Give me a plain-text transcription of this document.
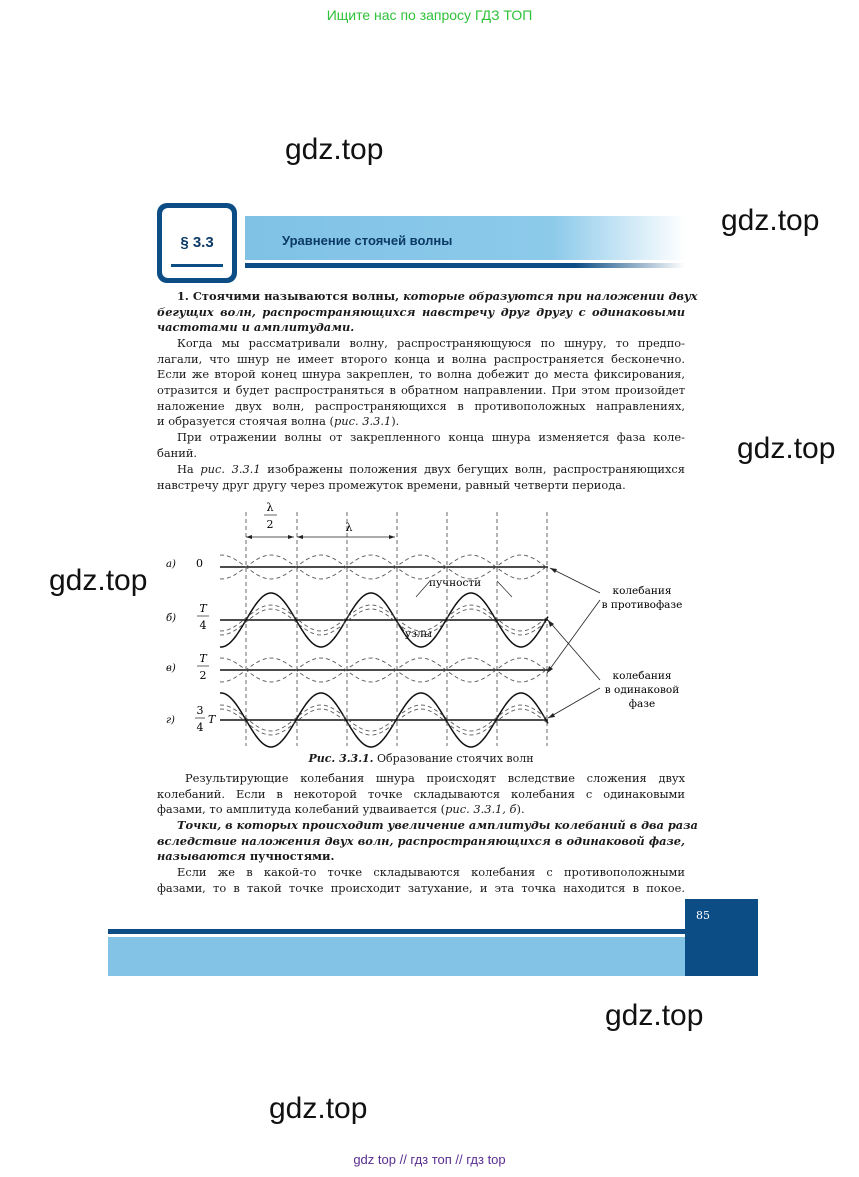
Ищите нас по запросу ГДЗ ТОП
gdz.top
gdz.top
gdz.top
gdz.top
gdz.top
gdz.top
§ 3.3	Уравнение стоячей волны
1. Стоячими называются волны, которые образуются при наложении двух
бегущих волн, распространяющихся навстречу друг другу с одинаковыми
частотами и амплитудами.
Когда мы рассматривали волну, распространяющуюся по шнуру, то предпо-
лагали, что шнур не имеет второго конца и волна распространяется бесконечно.
Если же второй конец шнура закреплен, то волна добежит до места фиксирования,
отразится и будет распространяться в обратном направлении. При этом произойдет
наложение двух волн, распространяющихся в противоположных направлениях,
и образуется стоячая волна (рис. 3.3.1).
При отражении волны от закрепленного конца шнура изменяется фаза коле-
баний.
На рис. 3.3.1 изображены положения двух бегущих волн, распространяющихся
навстречу друг другу через промежуток времени, равный четверти периода.
λ
2	λ
а) 0
б)
T
4
в)
T
2
г)
3
4
T
пучности
узлы
колебания
в противофазе
колебания
в одинаковой
фазе
Рис. 3.3.1. Образование стоячих волн
Результирующие колебания шнура происходят вследствие сложения двух
колебаний. Если в некоторой точке складываются колебания с одинаковыми
фазами, то амплитуда колебаний удваивается (рис. 3.3.1, б).
Точки, в которых происходит увеличение амплитуды колебаний в два раза
вследствие наложения двух волн, распространяющихся в одинаковой фазе,
называются пучностями.
Если же в какой-то точке складываются колебания с противоположными
фазами, то в такой точке происходит затухание, и эта точка находится в покое.
85
gdz top // гдз топ // гдз top
